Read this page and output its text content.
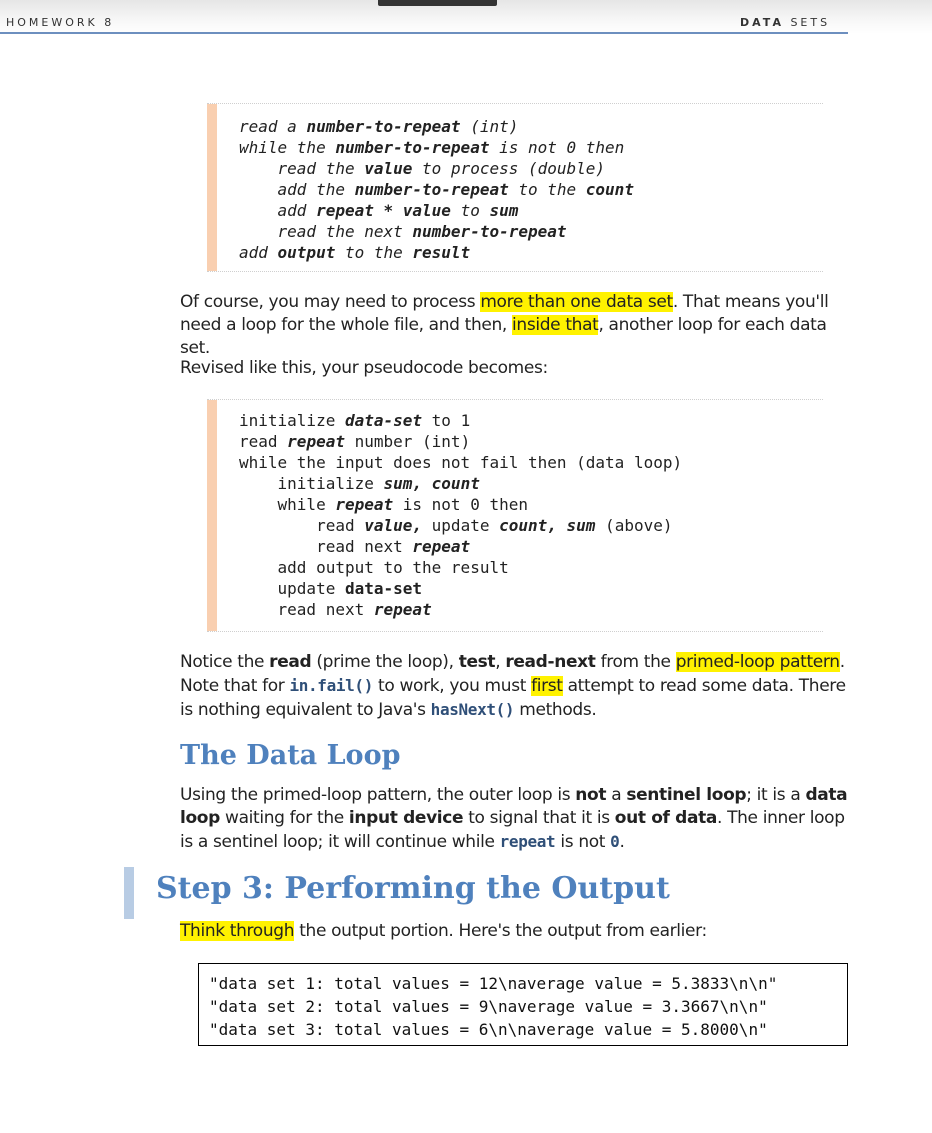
HOMEWORK 8	DATA SETS
read a number-to-repeat (int)
while the number-to-repeat is not 0 then
read the value to process (double)
add the number-to-repeat to the count
add repeat * value to sum
read the next number-to-repeat
add output to the result
Of course, you may need to process more than one data set. That means you'll need a loop for the whole file, and then, inside that, another loop for each data set.
Revised like this, your pseudocode becomes:
initialize data-set to 1
read repeat number (int)
while the input does not fail then (data loop)
initialize sum, count
while repeat is not 0 then
read value, update count, sum (above)
read next repeat
add output to the result
update data-set
read next repeat
Notice the read (prime the loop), test, read-next from the primed-loop pattern. Note that for in.fail() to work, you must first attempt to read some data. There is nothing equivalent to Java's hasNext() methods.
The Data Loop
Using the primed-loop pattern, the outer loop is not a sentinel loop; it is a data loop waiting for the input device to signal that it is out of data. The inner loop is a sentinel loop; it will continue while repeat is not 0.
Step 3: Performing the Output
Think through the output portion. Here's the output from earlier:
"data set 1: total values = 12\naverage value = 5.3833\n\n"
"data set 2: total values = 9\naverage value = 3.3667\n\n"
"data set 3: total values = 6\n\naverage value = 5.8000\n"
